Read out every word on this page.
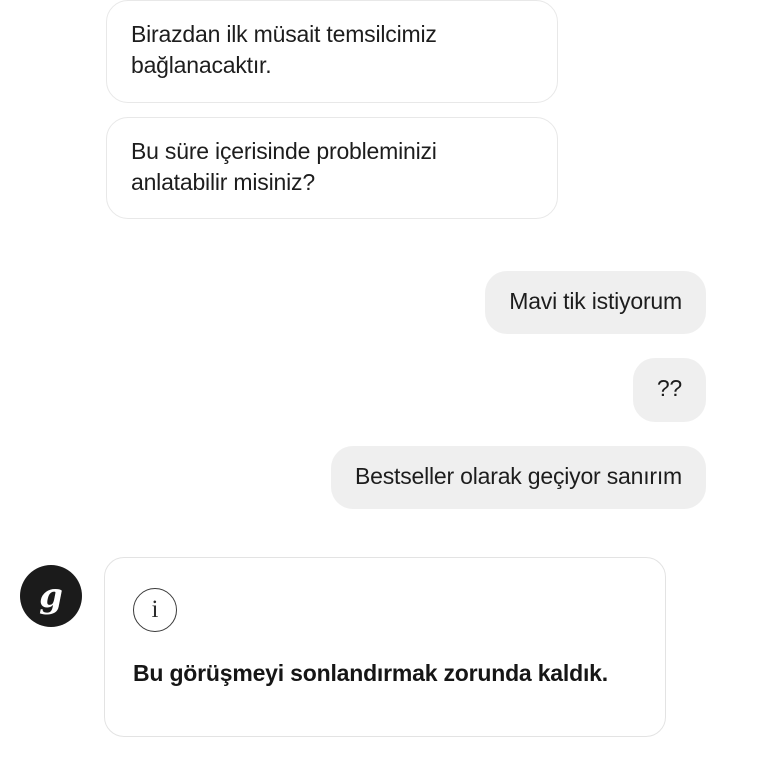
Birazdan ilk müsait temsilcimiz bağlanacaktır.
Bu süre içerisinde probleminizi anlatabilir misiniz?
Mavi tik istiyorum
??
Bestseller olarak geçiyor sanırım
g	i
Bu görüşmeyi sonlandırmak zorunda kaldık.
